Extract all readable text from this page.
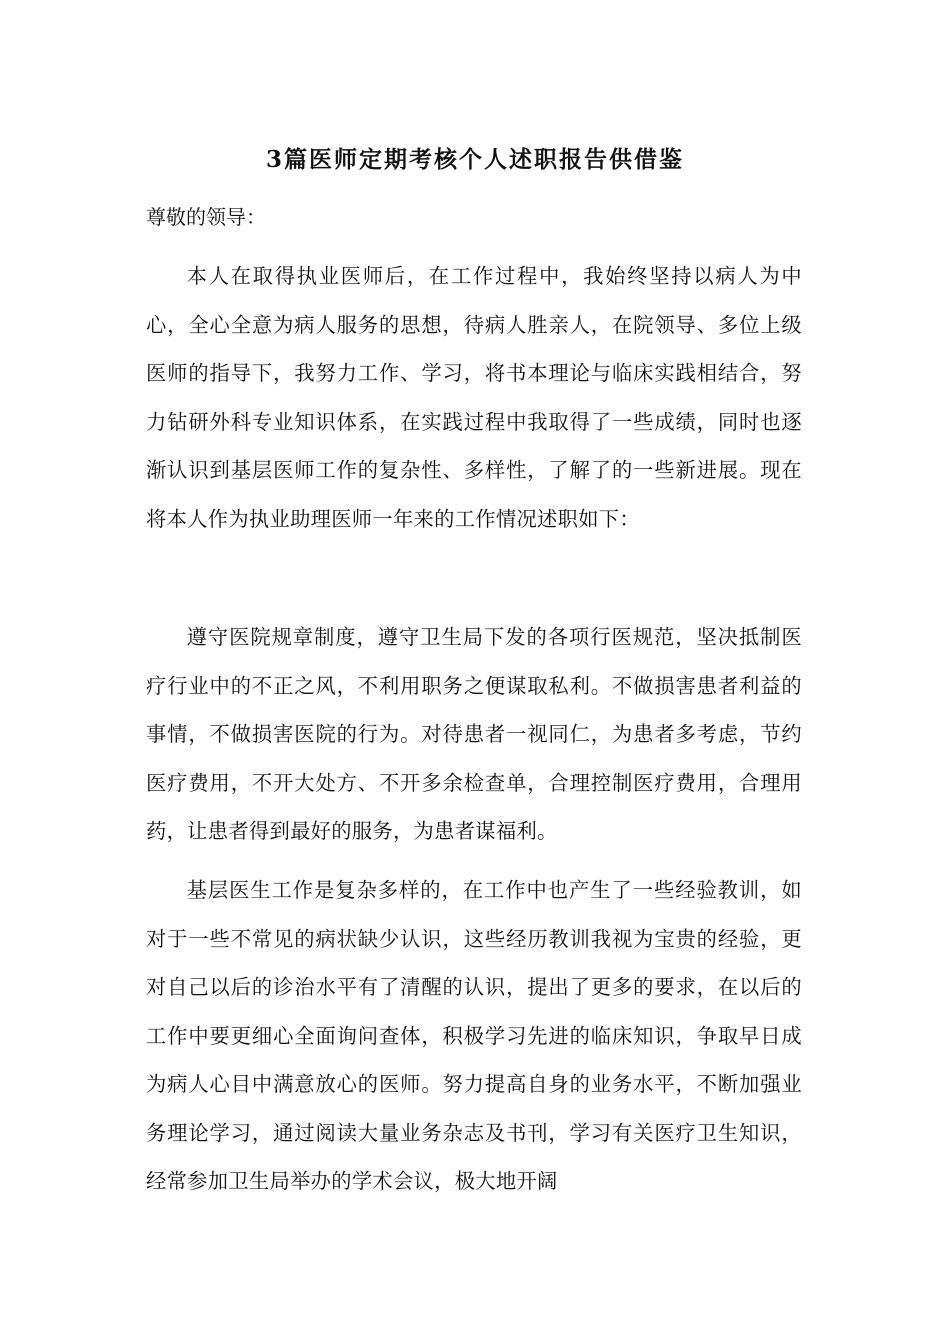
3篇医师定期考核个人述职报告供借鉴
尊敬的领导：

本人在取得执业医师后，在工作过程中，我始终坚持以病人为中心，全心全意为病人服务的思想，待病人胜亲人，在院领导、多位上级医师的指导下，我努力工作、学习，将书本理论与临床实践相结合，努力钻研外科专业知识体系，在实践过程中我取得了一些成绩，同时也逐渐认识到基层医师工作的复杂性、多样性，了解了的一些新进展。现在将本人作为执业助理医师一年来的工作情况述职如下：

遵守医院规章制度，遵守卫生局下发的各项行医规范，坚决抵制医疗行业中的不正之风，不利用职务之便谋取私利。不做损害患者利益的事情，不做损害医院的行为。对待患者一视同仁，为患者多考虑，节约医疗费用，不开大处方、不开多余检查单，合理控制医疗费用，合理用药，让患者得到最好的服务，为患者谋福利。

基层医生工作是复杂多样的，在工作中也产生了一些经验教训，如对于一些不常见的病状缺少认识，这些经历教训我视为宝贵的经验，更对自己以后的诊治水平有了清醒的认识，提出了更多的要求，在以后的工作中要更细心全面询问查体，积极学习先进的临床知识，争取早日成为病人心目中满意放心的医师。努力提高自身的业务水平，不断加强业务理论学习，通过阅读大量业务杂志及书刊，学习有关医疗卫生知识，经常参加卫生局举办的学术会议，极大地开阔
